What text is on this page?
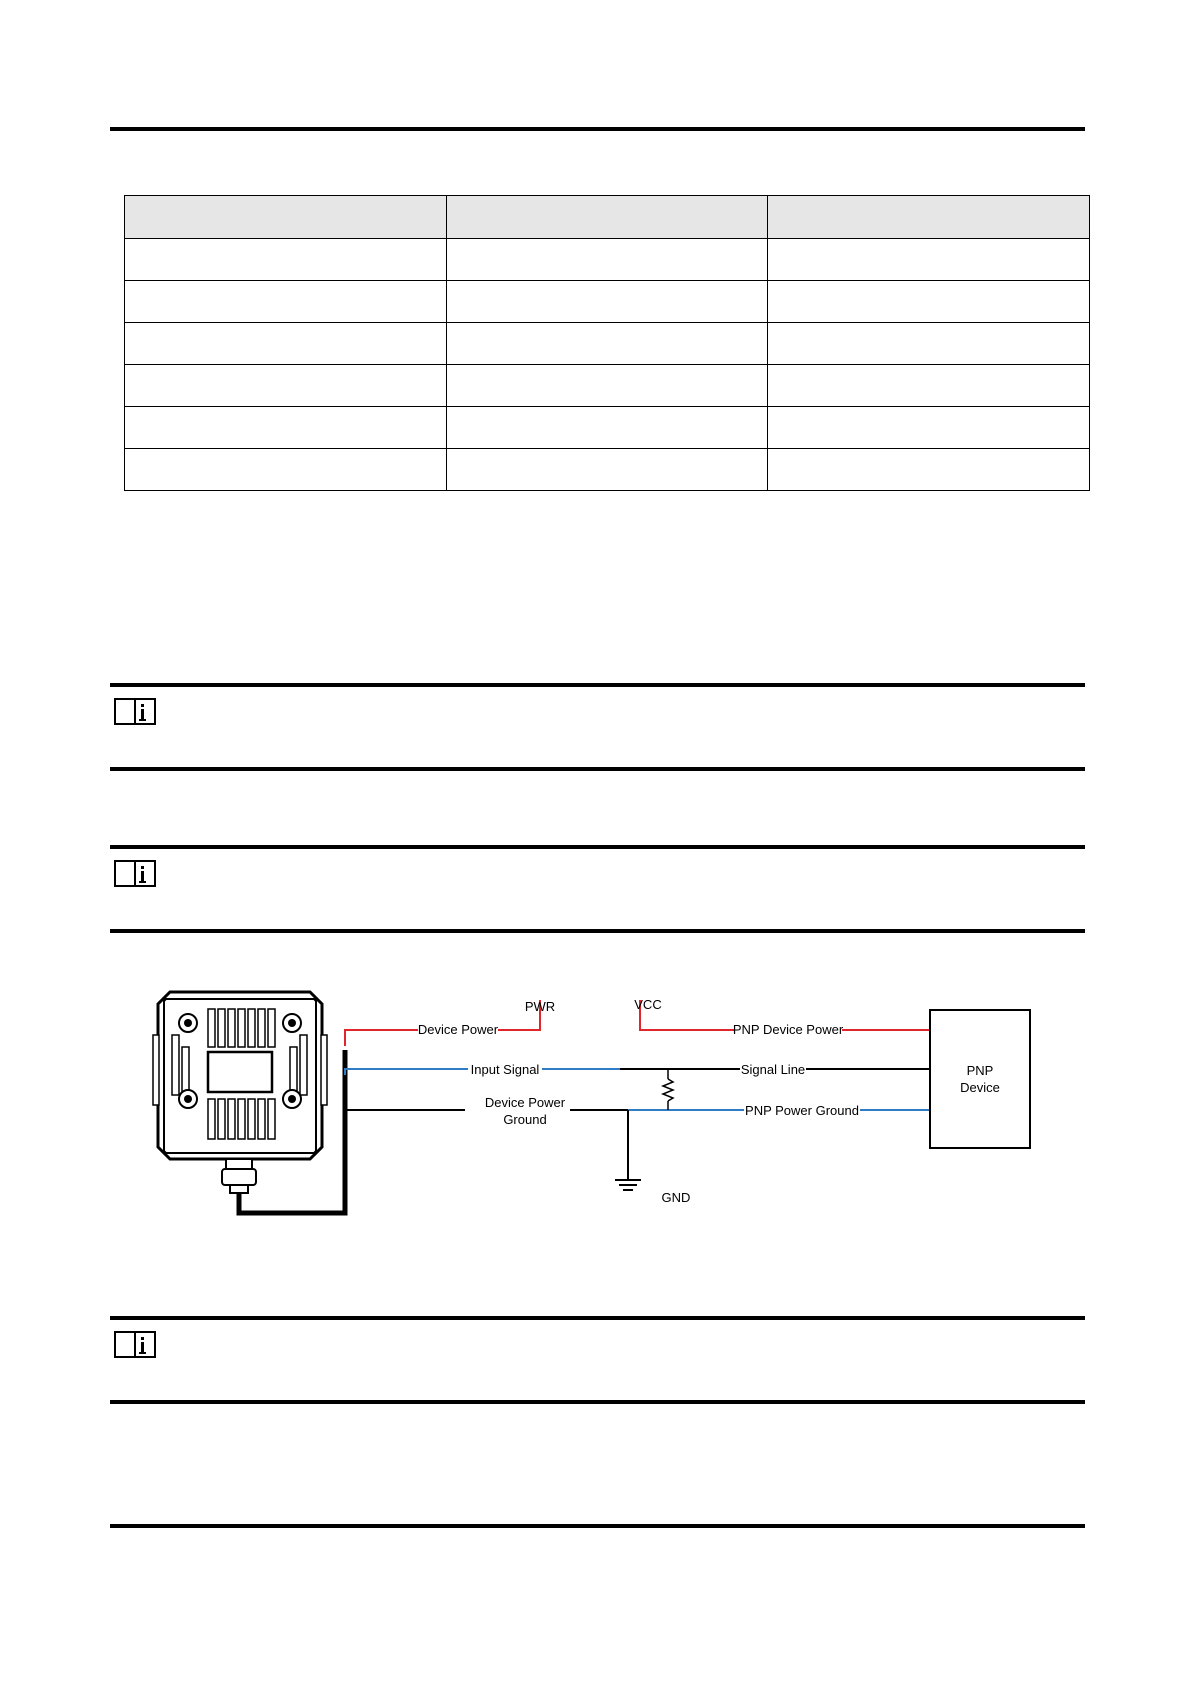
PWR	VCC
Device Power
Input Signal
Device Power
Ground
PNP Device Power
Signal Line
PNP Power Ground
GND
PNP
Device
